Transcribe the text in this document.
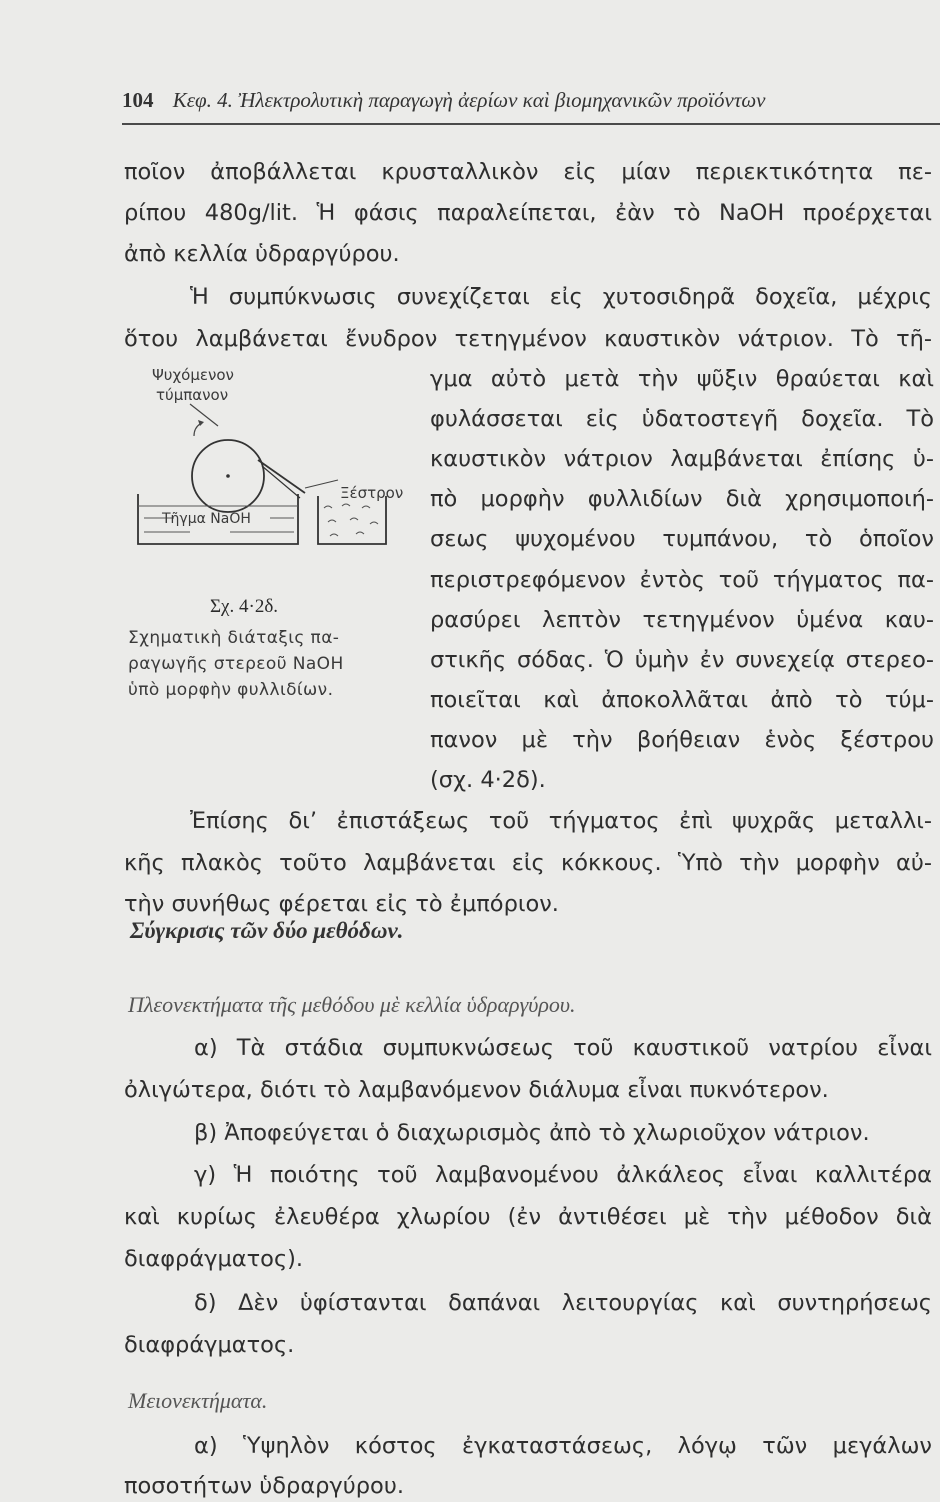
104 Κεφ. 4. Ἠλεκτρολυτικὴ παραγωγὴ ἀερίων καὶ βιομηχανικῶν προϊόντων
ποῖον ἀποβάλλεται κρυσταλλικὸν εἰς μίαν περιεκτικότητα πε-
ρίπου 480g/lit. Ἡ φάσις παραλείπεται, ἐὰν τὸ NaOH προέρχεται
ἀπὸ κελλία ὑδραργύρου.
Ἡ συμπύκνωσις συνεχίζεται εἰς χυτοσιδηρᾶ δοχεῖα, μέχρις
ὅτου λαμβάνεται ἔνυδρον τετηγμένον καυστικὸν νάτριον. Τὸ τῆ-
γμα αὐτὸ μετὰ τὴν ψῦξιν θραύεται καὶ
φυλάσσεται εἰς ὑδατοστεγῆ δοχεῖα. Τὸ
καυστικὸν νάτριον λαμβάνεται ἐπίσης ὑ-
πὸ μορφὴν φυλλιδίων διὰ χρησιμοποιή-
σεως ψυχομένου τυμπάνου, τὸ ὁποῖον
περιστρεφόμενον ἐντὸς τοῦ τήγματος πα-
ρασύρει λεπτὸν τετηγμένον ὑμένα καυ-
στικῆς σόδας. Ὁ ὑμὴν ἐν συνεχείᾳ στερεο-
ποιεῖται καὶ ἀποκολλᾶται ἀπὸ τὸ τύμ-
πανον μὲ τὴν βοήθειαν ἑνὸς ξέστρου
(σχ. 4·2δ).
Ψυχόμενον
τύμπανον
Ξέστρον
Τῆγμα NaOH
Σχ. 4·2δ.
Σχηματικὴ διάταξις πα-
ραγωγῆς στερεοῦ NaOH
ὑπὸ μορφὴν φυλλιδίων.
Ἐπίσης δι’ ἐπιστάξεως τοῦ τήγματος ἐπὶ ψυχρᾶς μεταλλι-
κῆς πλακὸς τοῦτο λαμβάνεται εἰς κόκκους. Ὑπὸ τὴν μορφὴν αὐ-
τὴν συνήθως φέρεται εἰς τὸ ἐμπόριον.
Σύγκρισις τῶν δύο μεθόδων.
Πλεονεκτήματα τῆς μεθόδου μὲ κελλία ὑδραργύρου.
α) Τὰ στάδια συμπυκνώσεως τοῦ καυστικοῦ νατρίου εἶναι
ὀλιγώτερα, διότι τὸ λαμβανόμενον διάλυμα εἶναι πυκνότερον.
β) Ἀποφεύγεται ὁ διαχωρισμὸς ἀπὸ τὸ χλωριοῦχον νάτριον.
γ) Ἡ ποιότης τοῦ λαμβανομένου ἀλκάλεος εἶναι καλλιτέρα
καὶ κυρίως ἐλευθέρα χλωρίου (ἐν ἀντιθέσει μὲ τὴν μέθοδον διὰ
διαφράγματος).
δ) Δὲν ὑφίστανται δαπάναι λειτουργίας καὶ συντηρήσεως
διαφράγματος.
Μειονεκτήματα.
α) Ὑψηλὸν κόστος ἐγκαταστάσεως, λόγῳ τῶν μεγάλων
ποσοτήτων ὑδραργύρου.
